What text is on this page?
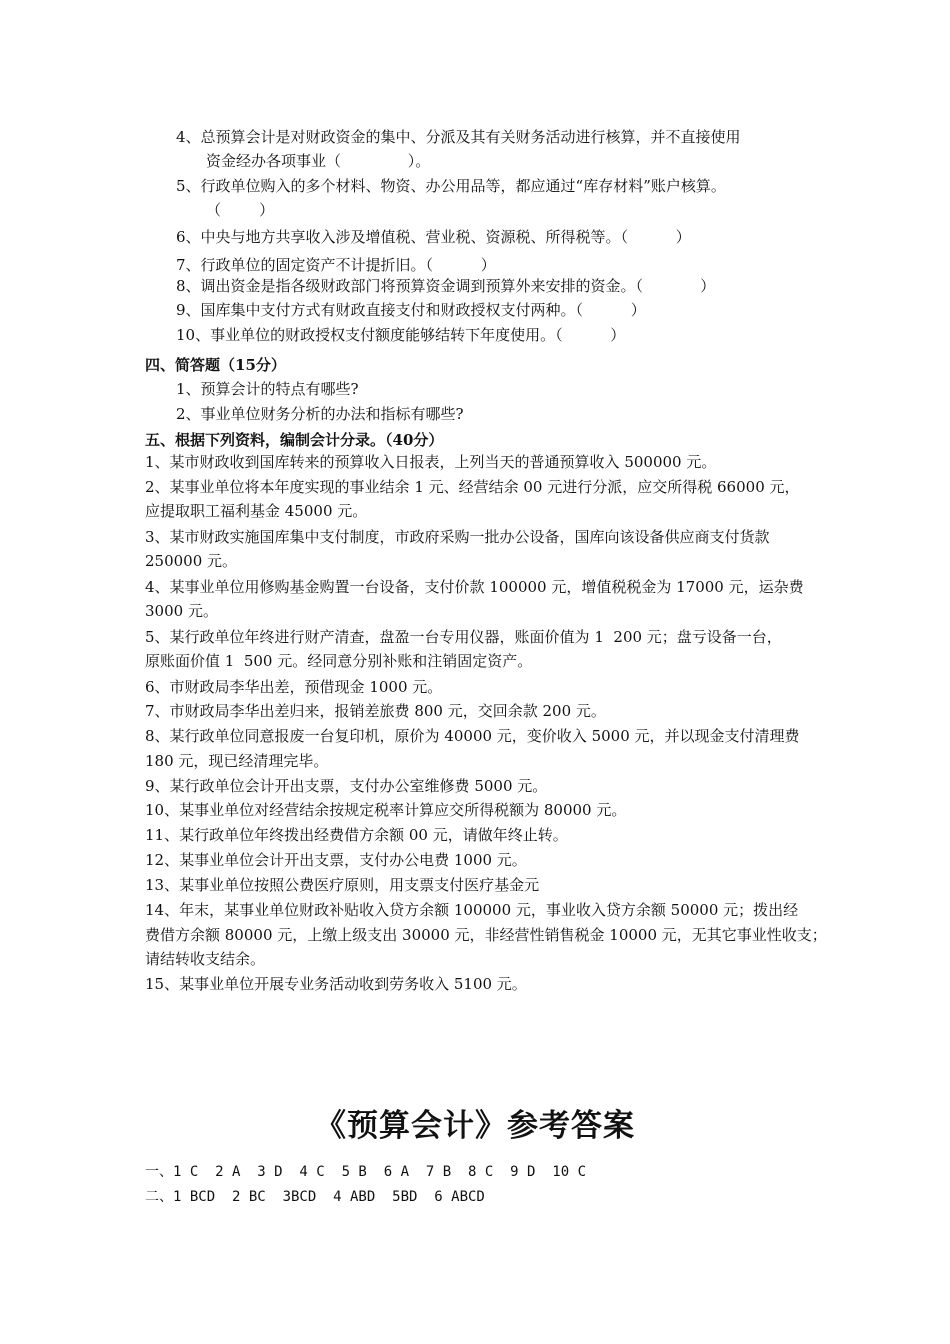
4、总预算会计是对财政资金的集中、分派及其有关财务活动进行核算，并不直接使用
资金经办各项事业（              ）。
5、行政单位购入的多个材料、物资、办公用品等，都应通过“库存材料”账户核算。
（        ）
6、中央与地方共享收入涉及增值税、营业税、资源税、所得税等。（          ）
7、行政单位的固定资产不计提折旧。（          ）
8、调出资金是指各级财政部门将预算资金调到预算外来安排的资金。（            ）
9、国库集中支付方式有财政直接支付和财政授权支付两种。（          ）
10、事业单位的财政授权支付额度能够结转下年度使用。（          ）
四、简答题（15分）
1、预算会计的特点有哪些?
2、事业单位财务分析的办法和指标有哪些?
五、根据下列资料，编制会计分录。（40分）
1、某市财政收到国库转来的预算收入日报表，上列当天的普通预算收入 500000 元。
2、某事业单位将本年度实现的事业结余 1 元、经营结余 00 元进行分派，应交所得税 66000 元，
应提取职工福利基金 45000 元。
3、某市财政实施国库集中支付制度，市政府采购一批办公设备，国库向该设备供应商支付货款
250000 元。
4、某事业单位用修购基金购置一台设备，支付价款 100000 元，增值税税金为 17000 元，运杂费
3000 元。
5、某行政单位年终进行财产清查，盘盈一台专用仪器，账面价值为 1  200 元；盘亏设备一台，
原账面价值 1  500 元。经同意分别补账和注销固定资产。
6、市财政局李华出差，预借现金 1000 元。
7、市财政局李华出差归来，报销差旅费 800 元，交回余款 200 元。
8、某行政单位同意报废一台复印机，原价为 40000 元，变价收入 5000 元，并以现金支付清理费
180 元，现已经清理完毕。
9、某行政单位会计开出支票，支付办公室维修费 5000 元。
10、某事业单位对经营结余按规定税率计算应交所得税额为 80000 元。
11、某行政单位年终拨出经费借方余额 00 元，请做年终止转。
12、某事业单位会计开出支票，支付办公电费 1000 元。
13、某事业单位按照公费医疗原则，用支票支付医疗基金元
14、年末，某事业单位财政补贴收入贷方余额 100000 元，事业收入贷方余额 50000 元；拨出经
费借方余额 80000 元，上缴上级支出 30000 元，非经营性销售税金 10000 元，无其它事业性收支；
请结转收支结余。
15、某事业单位开展专业务活动收到劳务收入 5100 元。
《预算会计》参考答案
一、1 C  2 A  3 D  4 C  5 B  6 A  7 B  8 C  9 D  10 C
二、1 BCD  2 BC  3BCD  4 ABD  5BD  6 ABCD
